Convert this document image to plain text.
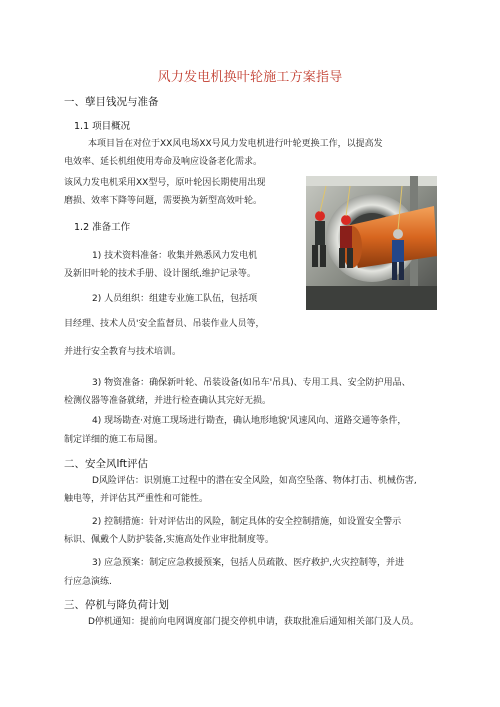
风力发电机换叶轮施工方案指导
一、孽目钱况与准备
1.1 项目概况
本项目旨在对位于XX风电场XX号风力发电机进行叶轮更换工作，以提高发
电效率、延长机组使用寿命及响应设备老化需求。
该风力发电机采用XX型号，原叶轮因长期使用出现
磨损、效率下降等问题，需要换为新型高效叶轮。
1.2 准备工作
1) 技术资料准备：收集并熟悉风力发电机
及新旧叶轮的技术手册、设计图纸,维护记录等。
2) 人员组织：组建专业施工队伍，包括项
目经理、技术人员'安全监督员、吊装作业人员等，
并进行安全教育与技术培训。
3) 物资准备：确保新叶轮、吊装设备(如吊车'吊具)、专用工具、安全防护用品、
检测仪器等准备就绪，并进行检查确认其完好无损。
4) 现场勘查·对施工现场进行勘查，确认地形地貌'风速风向、道路交通等条件，
制定详细的施工布局图。
二、安全风lft评估
D风险评估：识别施工过程中的潜在安全风险，如高空坠落、物体打击、机械伤害,
触电等，并评估其严重性和可能性。
2) 控制措施：针对评估出的风险，制定具体的安全控制措施，如设置安全警示
标识、佩戴个人防护装备,实施高处作业审批制度等。
3) 应急预案：制定应急救援预案，包括人员疏散、医疗救护,火灾控制等，并进
行应急演练.
三、停机与降负荷计划
D停机通知：提前向电网调度部门提交停机申请，获取批准后通知相关部门及人员。
